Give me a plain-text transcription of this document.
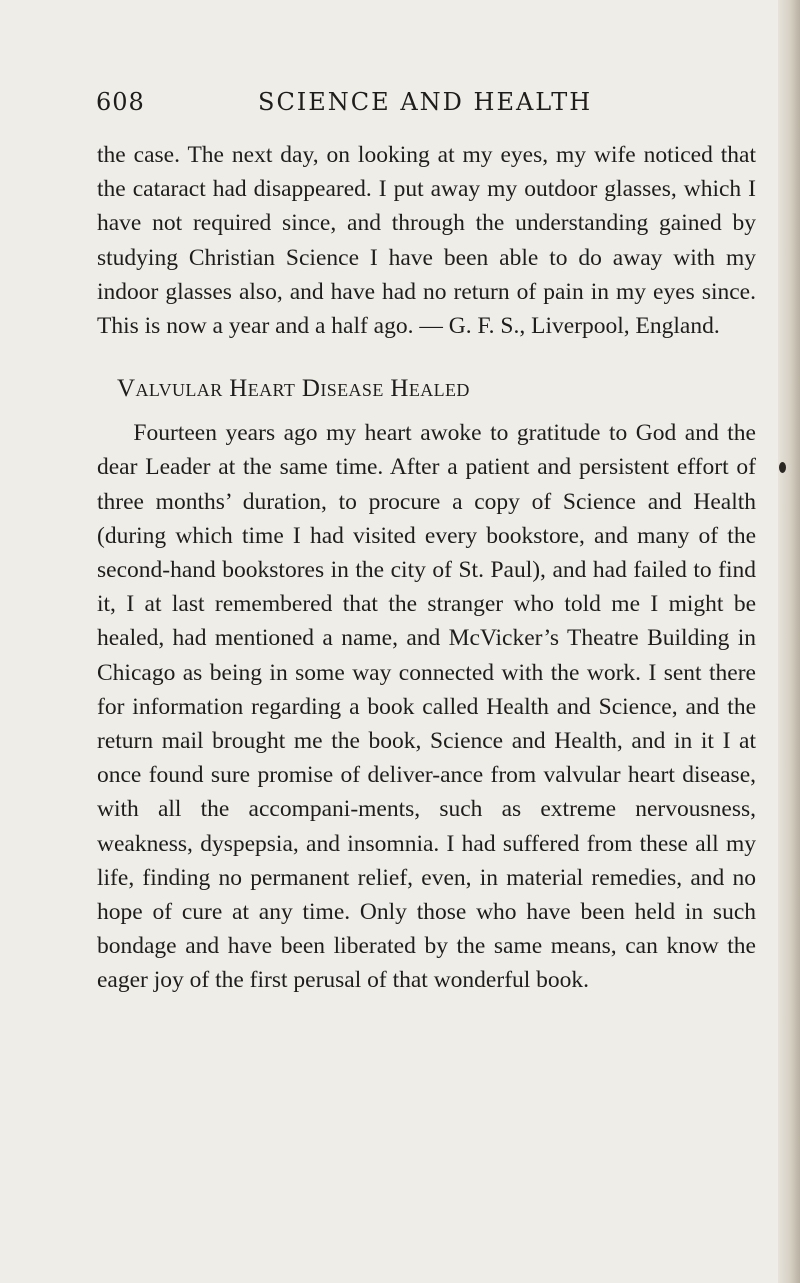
608	SCIENCE AND HEALTH

the case. The next day, on looking at my eyes, my wife noticed that the cataract had disappeared. I put away my outdoor glasses, which I have not required since, and through the understanding gained by studying Christian Science I have been able to do away with my indoor glasses also, and have had no return of pain in my eyes since. This is now a year and a half ago. — G. F. S., Liverpool, England.

Valvular Heart Disease Healed

Fourteen years ago my heart awoke to gratitude to God and the dear Leader at the same time. After a patient and persistent effort of three months’ duration, to procure a copy of Science and Health (during which time I had visited every bookstore, and many of the second-hand bookstores in the city of St. Paul), and had failed to find it, I at last remembered that the stranger who told me I might be healed, had mentioned a name, and McVicker’s Theatre Building in Chicago as being in some way connected with the work. I sent there for information regarding a book called Health and Science, and the return mail brought me the book, Science and Health, and in it I at once found sure promise of deliver-ance from valvular heart disease, with all the accompani-ments, such as extreme nervousness, weakness, dyspepsia, and insomnia. I had suffered from these all my life, finding no permanent relief, even, in material remedies, and no hope of cure at any time. Only those who have been held in such bondage and have been liberated by the same means, can know the eager joy of the first perusal of that wonderful book.
